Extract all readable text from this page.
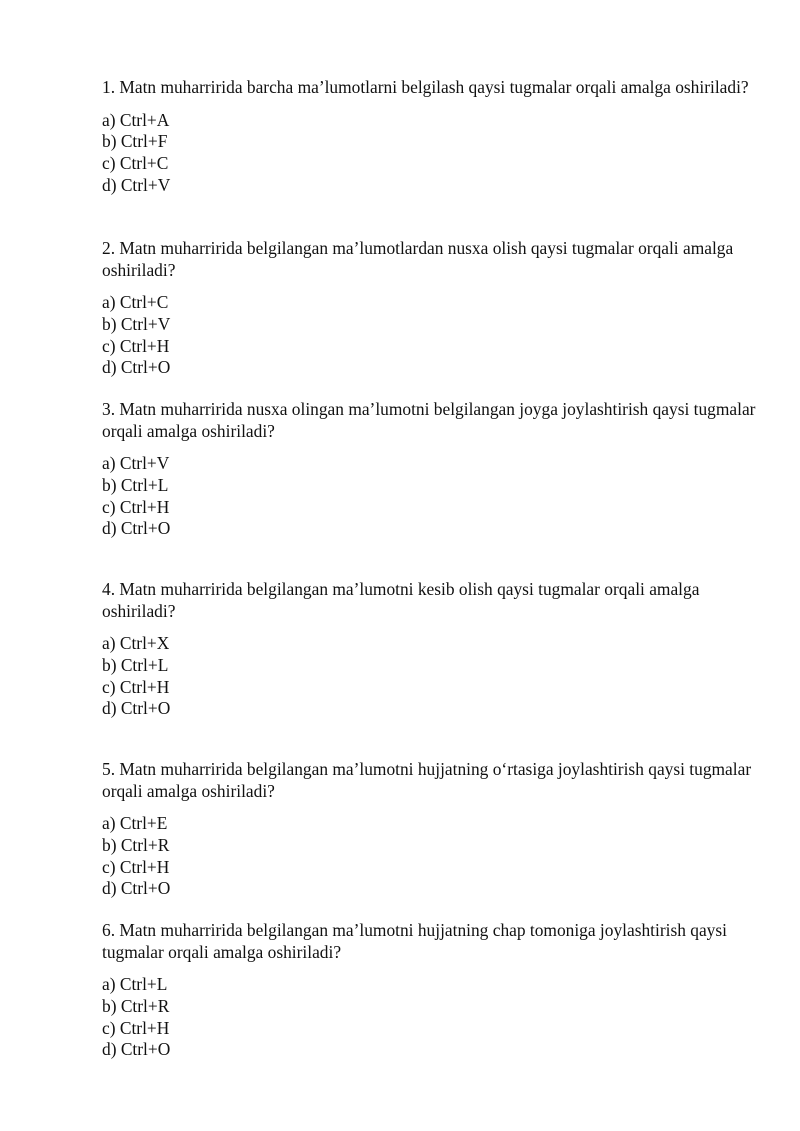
1. Matn muharririda barcha ma’lumotlarni belgilash qaysi tugmalar orqali amalga oshiriladi?

a) Ctrl+A
b) Ctrl+F
c) Ctrl+C
d) Ctrl+V

2. Matn muharririda belgilangan ma’lumotlardan nusxa olish qaysi tugmalar orqali amalga oshiriladi?

a) Ctrl+C
b) Ctrl+V
c) Ctrl+H
d) Ctrl+O

3. Matn muharririda nusxa olingan ma’lumotni belgilangan joyga joylashtirish qaysi tugmalar orqali amalga oshiriladi?

a) Ctrl+V
b) Ctrl+L
c) Ctrl+H
d) Ctrl+O

4. Matn muharririda belgilangan ma’lumotni kesib olish qaysi tugmalar orqali amalga oshiriladi?

a) Ctrl+X
b) Ctrl+L
c) Ctrl+H
d) Ctrl+O

5. Matn muharririda belgilangan ma’lumotni hujjatning o‘rtasiga joylashtirish qaysi tugmalar orqali amalga oshiriladi?

a) Ctrl+E
b) Ctrl+R
c) Ctrl+H
d) Ctrl+O

6. Matn muharririda belgilangan ma’lumotni hujjatning chap tomoniga joylashtirish qaysi tugmalar orqali amalga oshiriladi?

a) Ctrl+L
b) Ctrl+R
c) Ctrl+H
d) Ctrl+O
